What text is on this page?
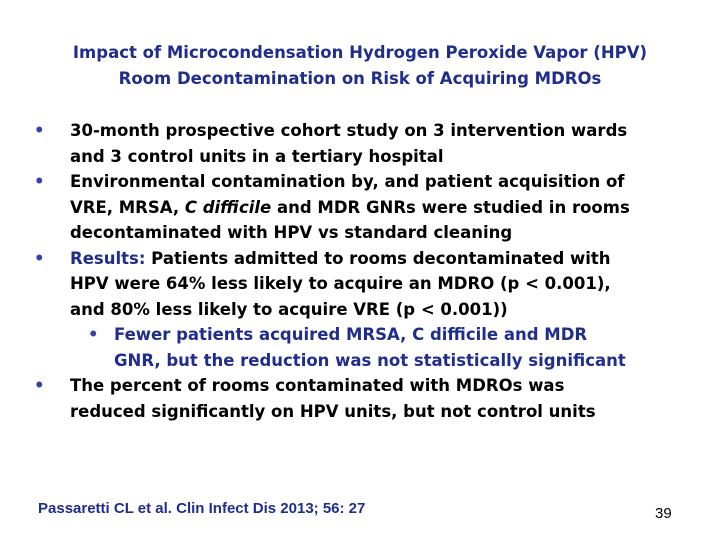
Impact of Microcondensation Hydrogen Peroxide Vapor (HPV)
Room Decontamination on Risk of Acquiring MDROs
•	30-month prospective cohort study on 3 intervention wards
and 3 control units in a tertiary hospital
•	Environmental contamination by, and patient acquisition of
VRE, MRSA, C difficile and MDR GNRs were studied in rooms
decontaminated with HPV vs standard cleaning
•	Results: Patients admitted to rooms decontaminated with
HPV were 64% less likely to acquire an MDRO (p < 0.001),
and 80% less likely to acquire VRE (p < 0.001))
• Fewer patients acquired MRSA, C difficile and MDR
GNR, but the reduction was not statistically significant
•	The percent of rooms contaminated with MDROs was
reduced significantly on HPV units, but not control units
Passaretti CL et al. Clin Infect Dis 2013; 56: 27	39
